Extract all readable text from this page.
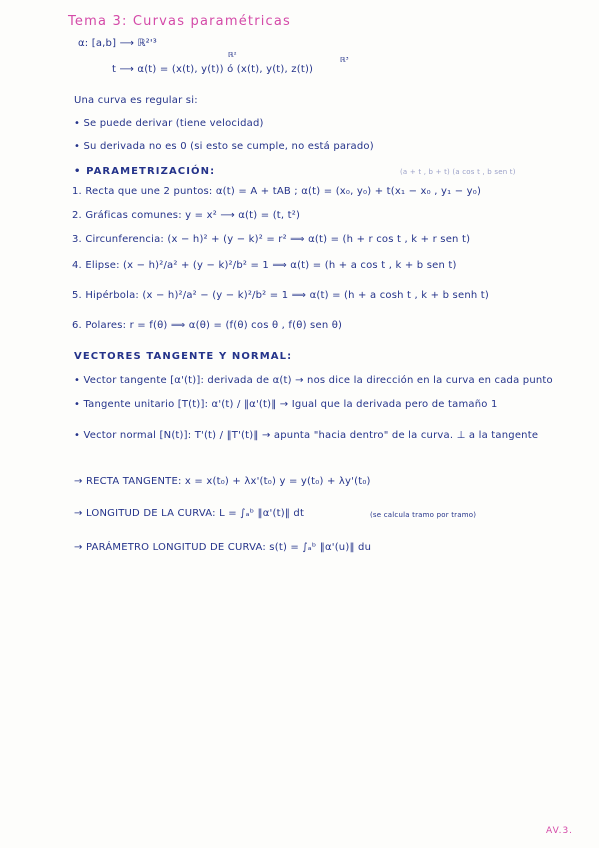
Tema 3: Curvas paramétricas
α: [a,b] ⟶ ℝ²'³
ℝ²
ℝ³
t ⟶ α(t) = (x(t), y(t)) ó (x(t), y(t), z(t))
Una curva es regular si:
• Se puede derivar (tiene velocidad)
• Su derivada no es 0 (si esto se cumple, no está parado)
• PARAMETRIZACIÓN:	(a + t , b + t) (a cos t , b sen t)
1. Recta que une 2 puntos: α(t) = A + tAB ; α(t) = (x₀, y₀) + t(x₁ − x₀ , y₁ − y₀)
2. Gráficas comunes: y = x² ⟶ α(t) = (t, t²)
3. Circunferencia: (x − h)² + (y − k)² = r² ⟹ α(t) = (h + r cos t , k + r sen t)
4. Elipse: (x − h)²/a² + (y − k)²/b² = 1 ⟹ α(t) = (h + a cos t , k + b sen t)
5. Hipérbola: (x − h)²/a² − (y − k)²/b² = 1 ⟹ α(t) = (h + a cosh t , k + b senh t)
6. Polares: r = f(θ) ⟹ α(θ) = (f(θ) cos θ , f(θ) sen θ)
VECTORES TANGENTE Y NORMAL:
• Vector tangente [α'(t)]: derivada de α(t) → nos dice la dirección en la curva en cada punto
• Tangente unitario [T(t)]: α'(t) / ‖α'(t)‖ → Igual que la derivada pero de tamaño 1
• Vector normal [N(t)]: T'(t) / ‖T'(t)‖ → apunta "hacia dentro" de la curva. ⊥ a la tangente
→ RECTA TANGENTE: x = x(t₀) + λx'(t₀) y = y(t₀) + λy'(t₀)
→ LONGITUD DE LA CURVA: L = ∫ₐᵇ ‖α'(t)‖ dt	(se calcula tramo por tramo)
→ PARÁMETRO LONGITUD DE CURVA: s(t) = ∫ₐᵇ ‖α'(u)‖ du
AV.3.
